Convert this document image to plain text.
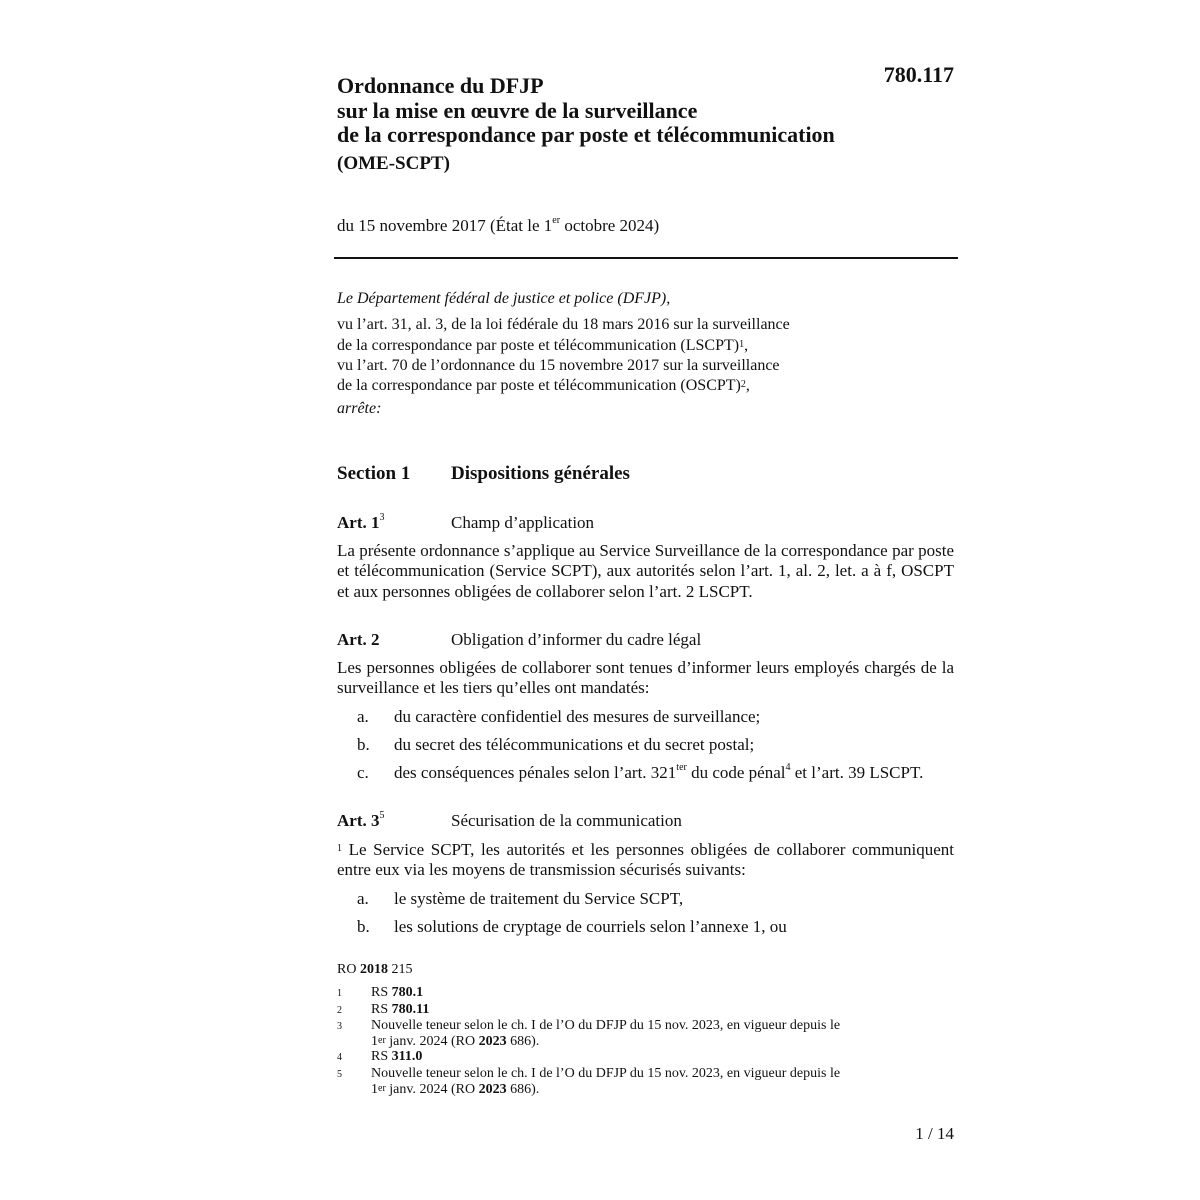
780.117
Ordonnance du DFJP
sur la mise en œuvre de la surveillance
de la correspondance par poste et télécommunication
(OME-SCPT)
du 15 novembre 2017 (État le 1er octobre 2024)
Le Département fédéral de justice et police (DFJP),
vu l’art. 31, al. 3, de la loi fédérale du 18 mars 2016 sur la surveillance
de la correspondance par poste et télécommunication (LSCPT)$^1$,
vu l’art. 70 de l’ordonnance du 15 novembre 2017 sur la surveillance
de la correspondance par poste et télécommunication (OSCPT)$^2$,
arrête:
Section 1 Dispositions générales
Art. $1^3$	Champ d’application
La présente ordonnance s’applique au Service Surveillance de la correspondance par poste et télécommunication (Service SCPT), aux autorités selon l’art. 1, al. 2, let. a à f, OSCPT et aux personnes obligées de collaborer selon l’art. 2 LSCPT.
Art. 2	Obligation d’informer du cadre légal
Les personnes obligées de collaborer sont tenues d’informer leurs employés chargés de la surveillance et les tiers qu’elles ont mandatés:
a. du caractère confidentiel des mesures de surveillance;
b. du secret des télécommunications et du secret postal;
c. des conséquences pénales selon l’art. $321^{ter}$ du code pénal$^4$ et l’art. 39 LSCPT.
Art. $3^5$	Sécurisation de la communication
$^1$ Le Service SCPT, les autorités et les personnes obligées de collaborer communiquent entre eux via les moyens de transmission sécurisés suivants:
a. le système de traitement du Service SCPT,
b. les solutions de cryptage de courriels selon l’annexe 1, ou
RO 2018 215
1	RS 780.1
2	RS 780.11
3	Nouvelle teneur selon le ch. I de l’O du DFJP du 15 nov. 2023, en vigueur depuis le
1er janv. 2024 (RO 2023 686).
4	RS 311.0
5	Nouvelle teneur selon le ch. I de l’O du DFJP du 15 nov. 2023, en vigueur depuis le
1er janv. 2024 (RO 2023 686).
1 / 14
